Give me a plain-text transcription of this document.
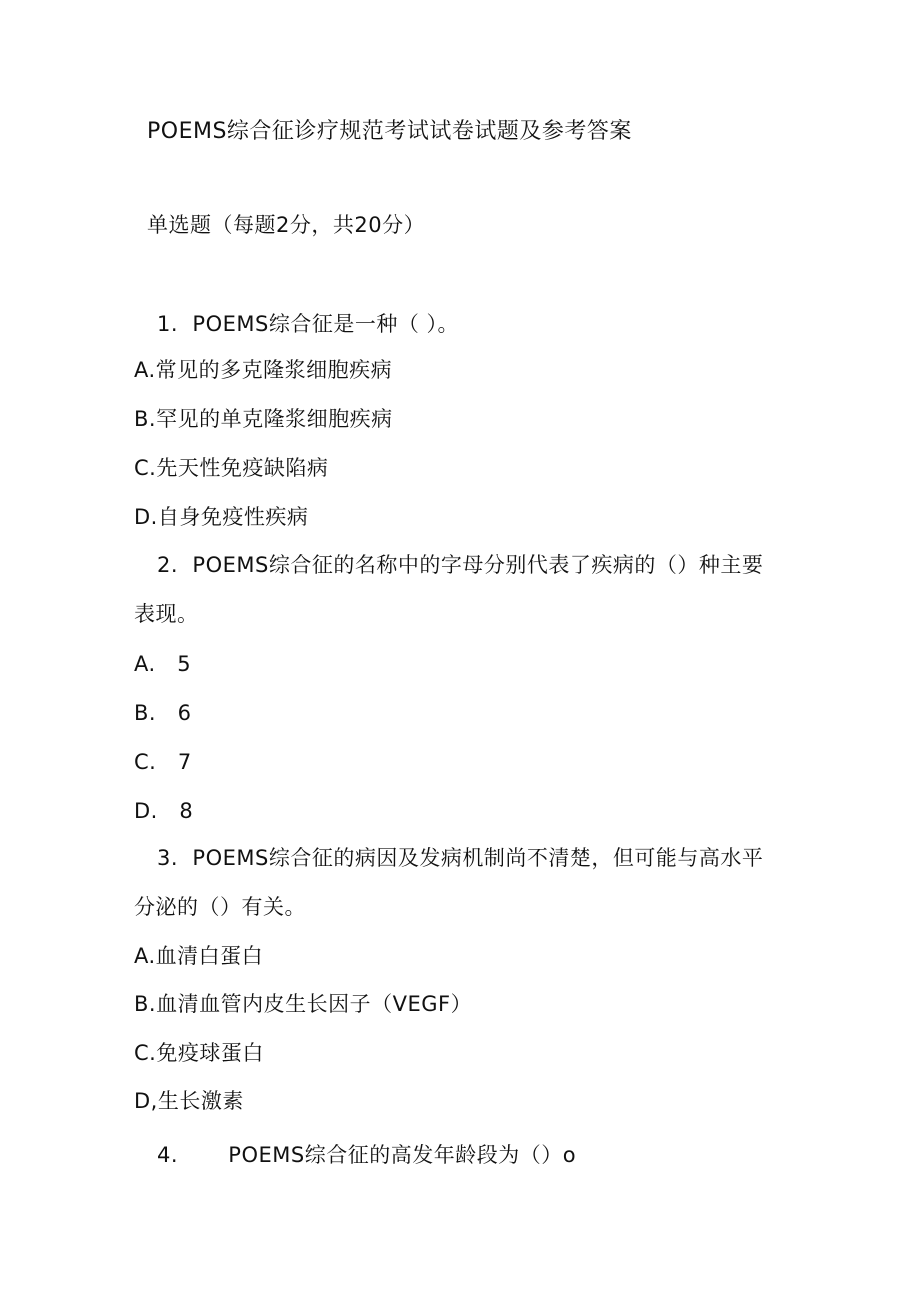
POEMS综合征诊疗规范考试试卷试题及参考答案
单选题（每题2分，共20分）
1. POEMS综合征是一种（ ）。
A.常见的多克隆浆细胞疾病
B.罕见的单克隆浆细胞疾病
C.先天性免疫缺陷病
D.自身免疫性疾病
2. POEMS综合征的名称中的字母分别代表了疾病的（）种主要
表现。
A. 5
B. 6
C. 7
D. 8
3. POEMS综合征的病因及发病机制尚不清楚，但可能与高水平
分泌的（）有关。
A.血清白蛋白
B.血清血管内皮生长因子（VEGF）
C.免疫球蛋白
D,生长激素
4. POEMS综合征的高发年龄段为（）o
